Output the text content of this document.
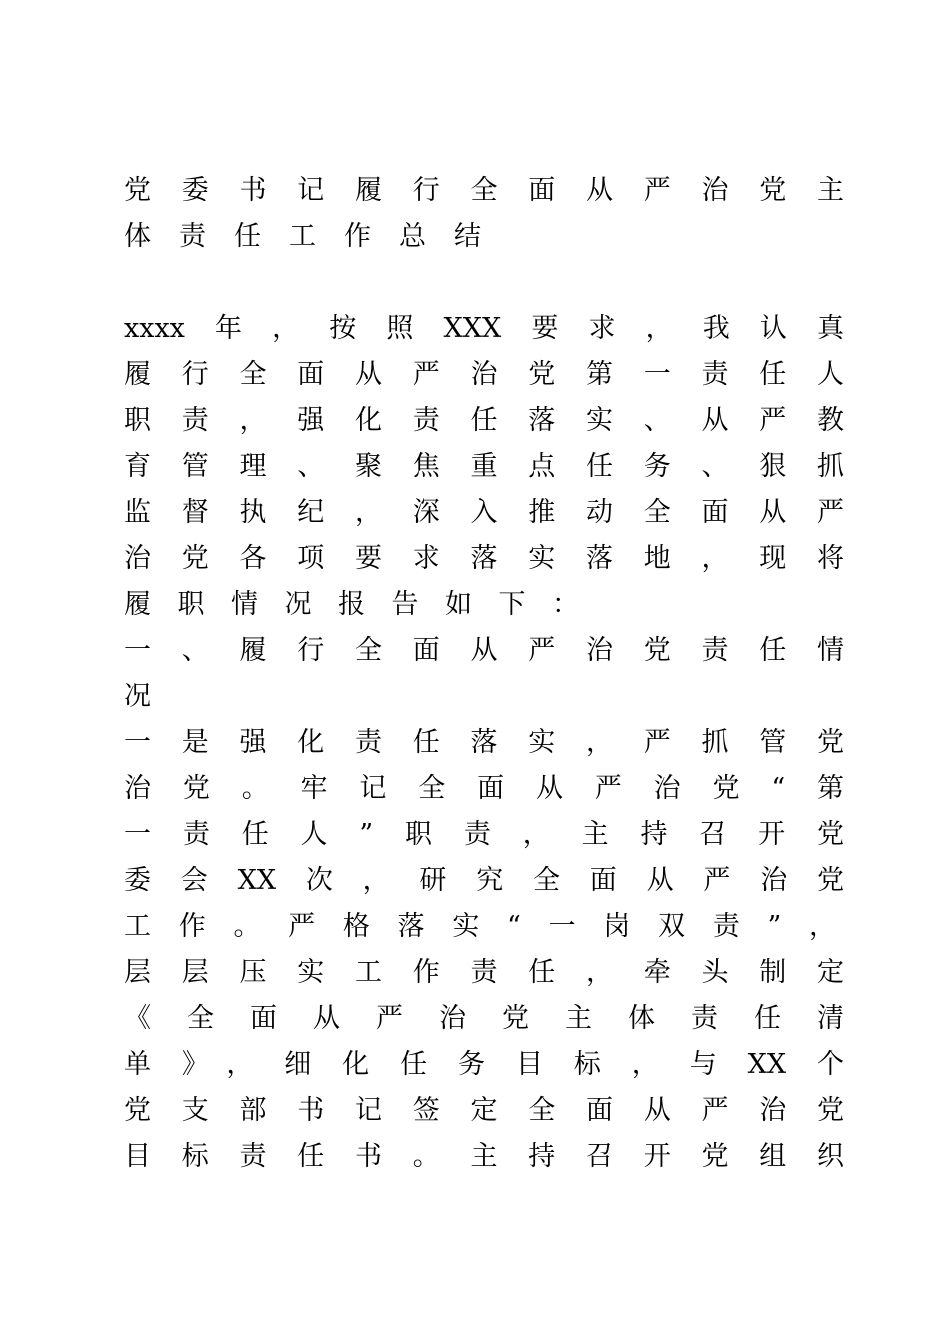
党委书记履行全面从严治党主
体责任工作总结
xxxx年，按照XXX要求，我认真
履行全面从严治党第一责任人
职责，强化责任落实、从严教
育管理、聚焦重点任务、狠抓
监督执纪，深入推动全面从严
治党各项要求落实落地，现将
履职情况报告如下：
一、履行全面从严治党责任情
况
一是强化责任落实，严抓管党
治党。牢记全面从严治党“第
一责任人”职责，主持召开党
委会XX次，研究全面从严治党
工作。严格落实“一岗双责”，
层层压实工作责任，牵头制定
《全面从严治党主体责任清
单》，细化任务目标，与XX个
党支部书记签定全面从严治党
目标责任书。主持召开党组织
